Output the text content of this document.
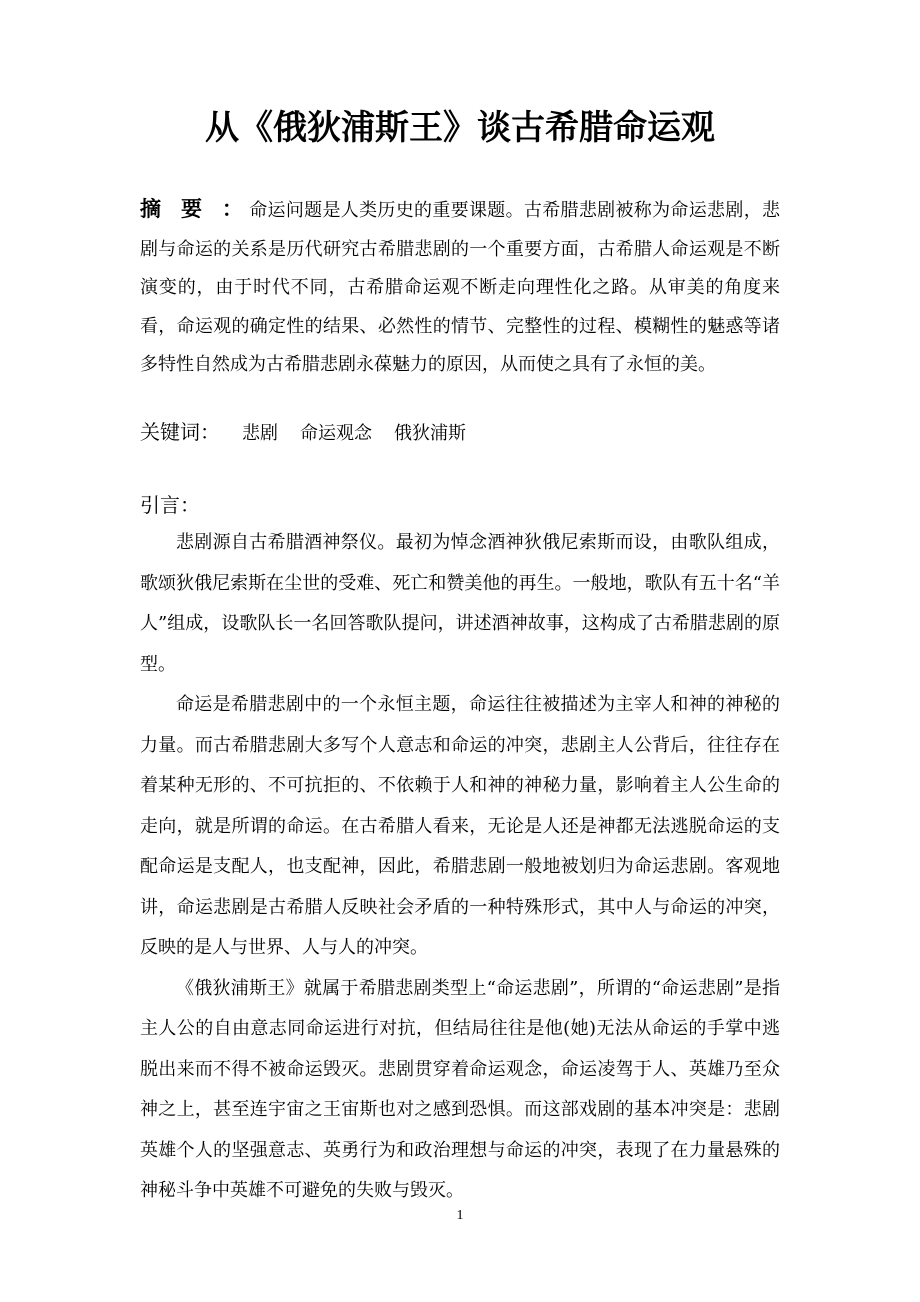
从《俄狄浦斯王》谈古希腊命运观
摘 要 ：命运问题是人类历史的重要课题。古希腊悲剧被称为命运悲剧，悲剧与命运的关系是历代研究古希腊悲剧的一个重要方面，古希腊人命运观是不断演变的，由于时代不同，古希腊命运观不断走向理性化之路。从审美的角度来看，命运观的确定性的结果、必然性的情节、完整性的过程、模糊性的魅惑等诸多特性自然成为古希腊悲剧永葆魅力的原因，从而使之具有了永恒的美。
关键词： 悲剧 命运观念 俄狄浦斯
引言：

悲剧源自古希腊酒神祭仪。最初为悼念酒神狄俄尼索斯而设，由歌队组成，歌颂狄俄尼索斯在尘世的受难、死亡和赞美他的再生。一般地，歌队有五十名“羊人”组成，设歌队长一名回答歌队提问，讲述酒神故事，这构成了古希腊悲剧的原型。

命运是希腊悲剧中的一个永恒主题，命运往往被描述为主宰人和神的神秘的力量。而古希腊悲剧大多写个人意志和命运的冲突，悲剧主人公背后，往往存在着某种无形的、不可抗拒的、不依赖于人和神的神秘力量，影响着主人公生命的走向，就是所谓的命运。在古希腊人看来，无论是人还是神都无法逃脱命运的支配命运是支配人，也支配神，因此，希腊悲剧一般地被划归为命运悲剧。客观地讲，命运悲剧是古希腊人反映社会矛盾的一种特殊形式，其中人与命运的冲突，反映的是人与世界、人与人的冲突。

《俄狄浦斯王》就属于希腊悲剧类型上“命运悲剧”，所谓的“命运悲剧”是指主人公的自由意志同命运进行对抗，但结局往往是他(她)无法从命运的手掌中逃脱出来而不得不被命运毁灭。悲剧贯穿着命运观念，命运凌驾于人、英雄乃至众神之上，甚至连宇宙之王宙斯也对之感到恐惧。而这部戏剧的基本冲突是：悲剧英雄个人的坚强意志、英勇行为和政治理想与命运的冲突，表现了在力量悬殊的神秘斗争中英雄不可避免的失败与毁灭。

1
